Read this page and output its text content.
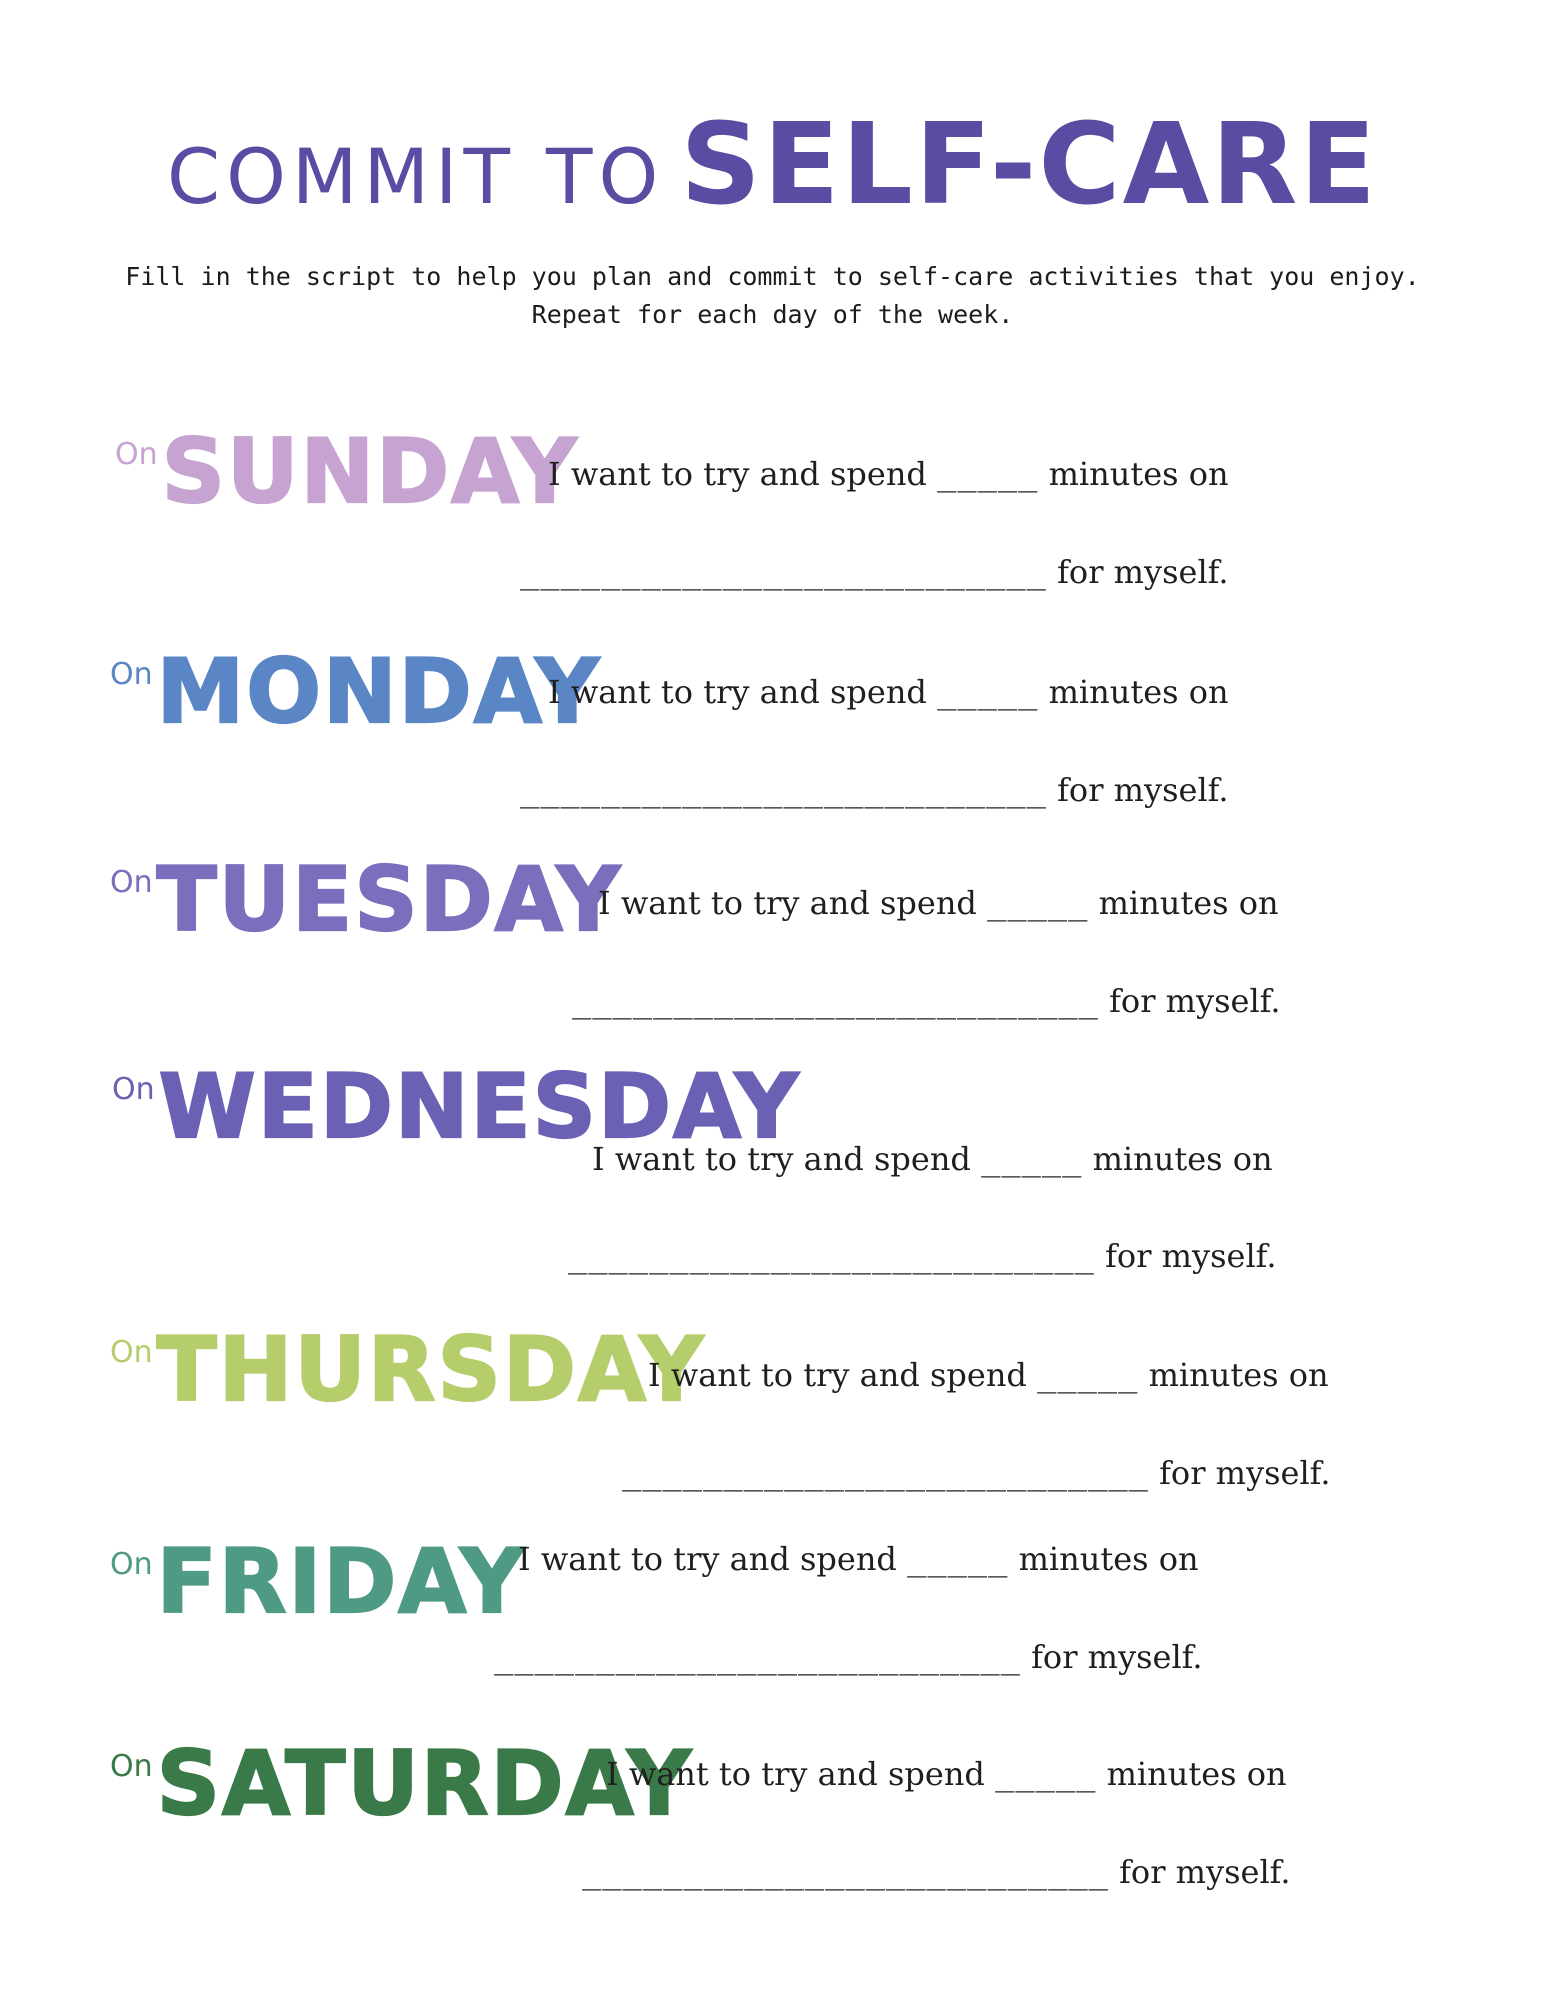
COMMIT TO SELF-CARE
Fill in the script to help you plan and commit to self-care activities that you enjoy.
Repeat for each day of the week.
OnSUNDAY
I want to try and spend _____ minutes on
__________________________ for myself.
OnMONDAY
I want to try and spend _____ minutes on
__________________________ for myself.
OnTUESDAY
I want to try and spend _____ minutes on
__________________________ for myself.
OnWEDNESDAY
I want to try and spend _____ minutes on
__________________________ for myself.
OnTHURSDAY
I want to try and spend _____ minutes on
__________________________ for myself.
OnFRIDAY
I want to try and spend _____ minutes on
__________________________ for myself.
OnSATURDAY
I want to try and spend _____ minutes on
__________________________ for myself.
